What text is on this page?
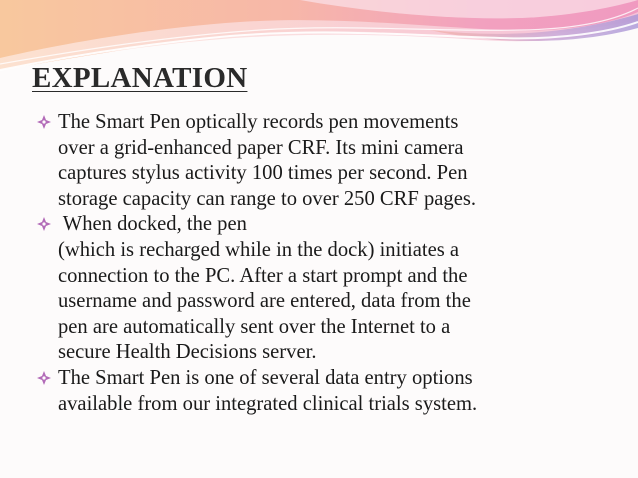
EXPLANATION
The Smart Pen optically records pen movements
over a grid-enhanced paper CRF. Its mini camera
captures stylus activity 100 times per second. Pen
storage capacity can range to over 250 CRF pages.
When docked, the pen
(which is recharged while in the dock) initiates a
connection to the PC. After a start prompt and the
username and password are entered, data from the
pen are automatically sent over the Internet to a
secure Health Decisions server.
The Smart Pen is one of several data entry options
available from our integrated clinical trials system.
